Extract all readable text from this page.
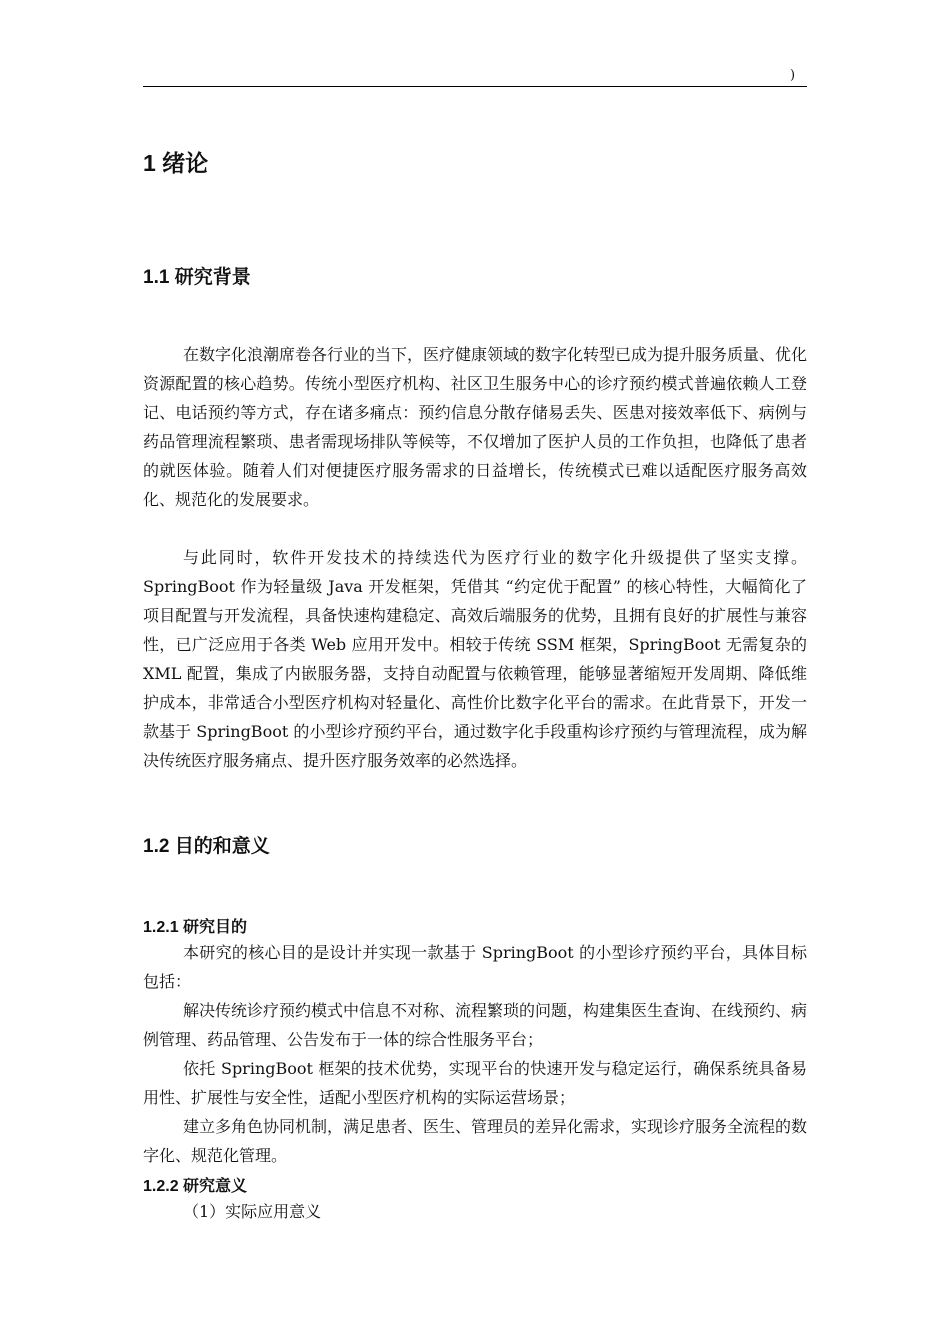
)
1 绪论
1.1 研究背景

在数字化浪潮席卷各行业的当下，医疗健康领域的数字化转型已成为提升服务质量、优化资源配置的核心趋势。传统小型医疗机构、社区卫生服务中心的诊疗预约模式普遍依赖人工登记、电话预约等方式，存在诸多痛点：预约信息分散存储易丢失、医患对接效率低下、病例与药品管理流程繁琐、患者需现场排队等候等，不仅增加了医护人员的工作负担，也降低了患者的就医体验。随着人们对便捷医疗服务需求的日益增长，传统模式已难以适配医疗服务高效化、规范化的发展要求。

与此同时，软件开发技术的持续迭代为医疗行业的数字化升级提供了坚实支撑。SpringBoot 作为轻量级 Java 开发框架，凭借其 “约定优于配置” 的核心特性，大幅简化了项目配置与开发流程，具备快速构建稳定、高效后端服务的优势，且拥有良好的扩展性与兼容性，已广泛应用于各类 Web 应用开发中。相较于传统 SSM 框架，SpringBoot 无需复杂的 XML 配置，集成了内嵌服务器，支持自动配置与依赖管理，能够显著缩短开发周期、降低维护成本，非常适合小型医疗机构对轻量化、高性价比数字化平台的需求。在此背景下，开发一款基于 SpringBoot 的小型诊疗预约平台，通过数字化手段重构诊疗预约与管理流程，成为解决传统医疗服务痛点、提升医疗服务效率的必然选择。

1.2 目的和意义
1.2.1 研究目的

本研究的核心目的是设计并实现一款基于 SpringBoot 的小型诊疗预约平台，具体目标包括：

解决传统诊疗预约模式中信息不对称、流程繁琐的问题，构建集医生查询、在线预约、病例管理、药品管理、公告发布于一体的综合性服务平台；

依托 SpringBoot 框架的技术优势，实现平台的快速开发与稳定运行，确保系统具备易用性、扩展性与安全性，适配小型医疗机构的实际运营场景；

建立多角色协同机制，满足患者、医生、管理员的差异化需求，实现诊疗服务全流程的数字化、规范化管理。

1.2.2 研究意义

（1）实际应用意义
